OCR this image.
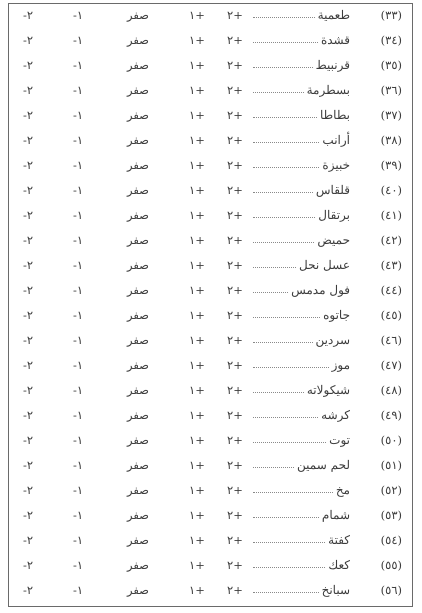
٢-	١-	صفر	+١ +٢	طعمية	(٣٣)
٢-	١-	صفر	+١ +٢	قشدة	(٣٤)
٢-	١-	صفر	+١ +٢	قرنبيط	(٣٥)
٢-	١-	صفر	+١ +٢	بسطرمة	(٣٦)
٢-	١-	صفر	+١ +٢	بطاطا	(٣٧)
٢-	١-	صفر	+١ +٢	أرانب	(٣٨)
٢-	١-	صفر	+١ +٢	خبيزة	(٣٩)
٢-	١-	صفر	+١ +٢	قلقاس	(٤٠)
٢-	١-	صفر	+١ +٢	برتقال	(٤١)
٢-	١-	صفر	+١ +٢	حميض	(٤٢)
٢-	١-	صفر	+١ +٢	عسل نحل	(٤٣)
٢-	١-	صفر	+١ +٢	فول مدمس	(٤٤)
٢-	١-	صفر	+١ +٢	جاتوه	(٤٥)
٢-	١-	صفر	+١ +٢	سردين	(٤٦)
٢-	١-	صفر	+١ +٢	موز	(٤٧)
٢-	١-	صفر	+١ +٢	شيكولاته	(٤٨)
٢-	١-	صفر	+١ +٢	كرشه	(٤٩)
٢-	١-	صفر	+١ +٢	توت	(٥٠)
٢-	١-	صفر	+١ +٢	لحم سمين	(٥١)
٢-	١-	صفر	+١ +٢	مخ	(٥٢)
٢-	١-	صفر	+١ +٢	شمام	(٥٣)
٢-	١-	صفر	+١ +٢	كفتة	(٥٤)
٢-	١-	صفر	+١ +٢	كعك	(٥٥)
٢-	١-	صفر	+١ +٢	سبانخ	(٥٦)
